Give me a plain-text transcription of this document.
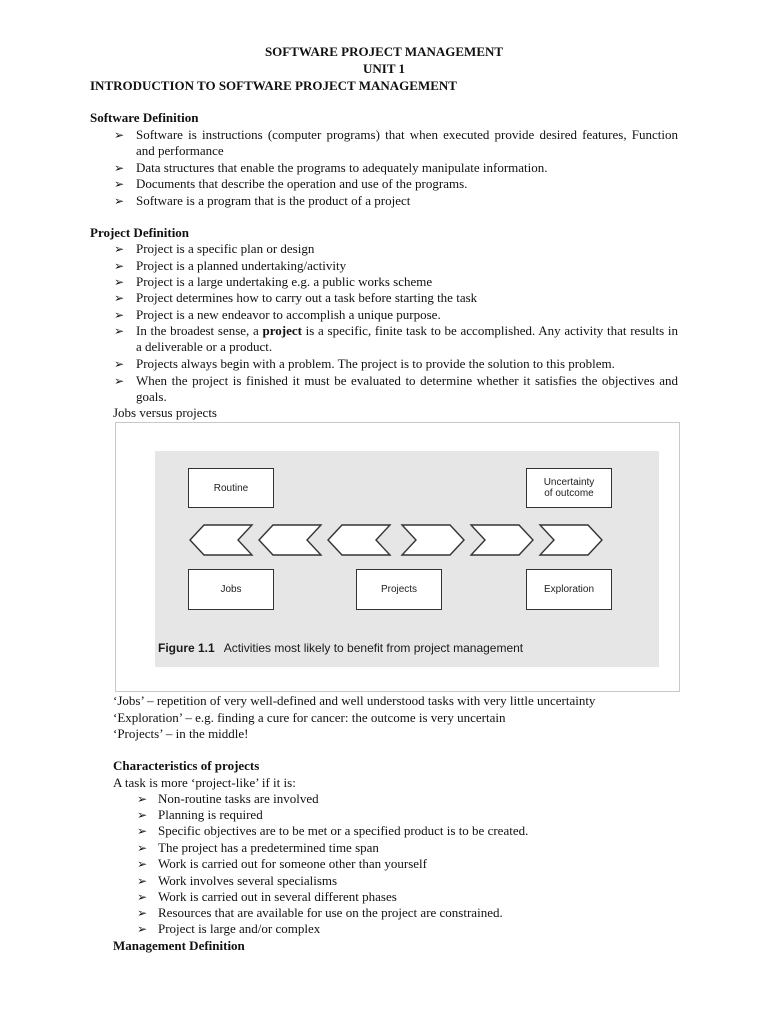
SOFTWARE PROJECT MANAGEMENT
UNIT 1
INTRODUCTION TO SOFTWARE PROJECT MANAGEMENT
Software Definition
➢ Software is instructions (computer programs) that when executed provide desired features, Function and performance
➢ Data structures that enable the programs to adequately manipulate information.
➢ Documents that describe the operation and use of the programs.
➢ Software is a program that is the product of a project
Project Definition
➢ Project is a specific plan or design
➢ Project is a planned undertaking/activity
➢ Project is a large undertaking e.g. a public works scheme
➢ Project determines how to carry out a task before starting the task
➢ Project is a new endeavor to accomplish a unique purpose.
➢ In the broadest sense, a project is a specific, finite task to be accomplished. Any activity that results in a deliverable or a product.
➢ Projects always begin with a problem. The project is to provide the solution to this problem.
➢ When the project is finished it must be evaluated to determine whether it satisfies the objectives and goals.
Jobs versus projects
Routine	Uncertainty
of outcome
Jobs	Projects	Exploration
Figure 1.1 Activities most likely to benefit from project management
‘Jobs’ – repetition of very well-defined and well understood tasks with very little uncertainty
‘Exploration’ – e.g. finding a cure for cancer: the outcome is very uncertain
‘Projects’ – in the middle!
Characteristics of projects
A task is more ‘project-like’ if it is:
➢ Non-routine tasks are involved
➢ Planning is required
➢ Specific objectives are to be met or a specified product is to be created.
➢ The project has a predetermined time span
➢ Work is carried out for someone other than yourself
➢ Work involves several specialisms
➢ Work is carried out in several different phases
➢ Resources that are available for use on the project are constrained.
➢ Project is large and/or complex
Management Definition
